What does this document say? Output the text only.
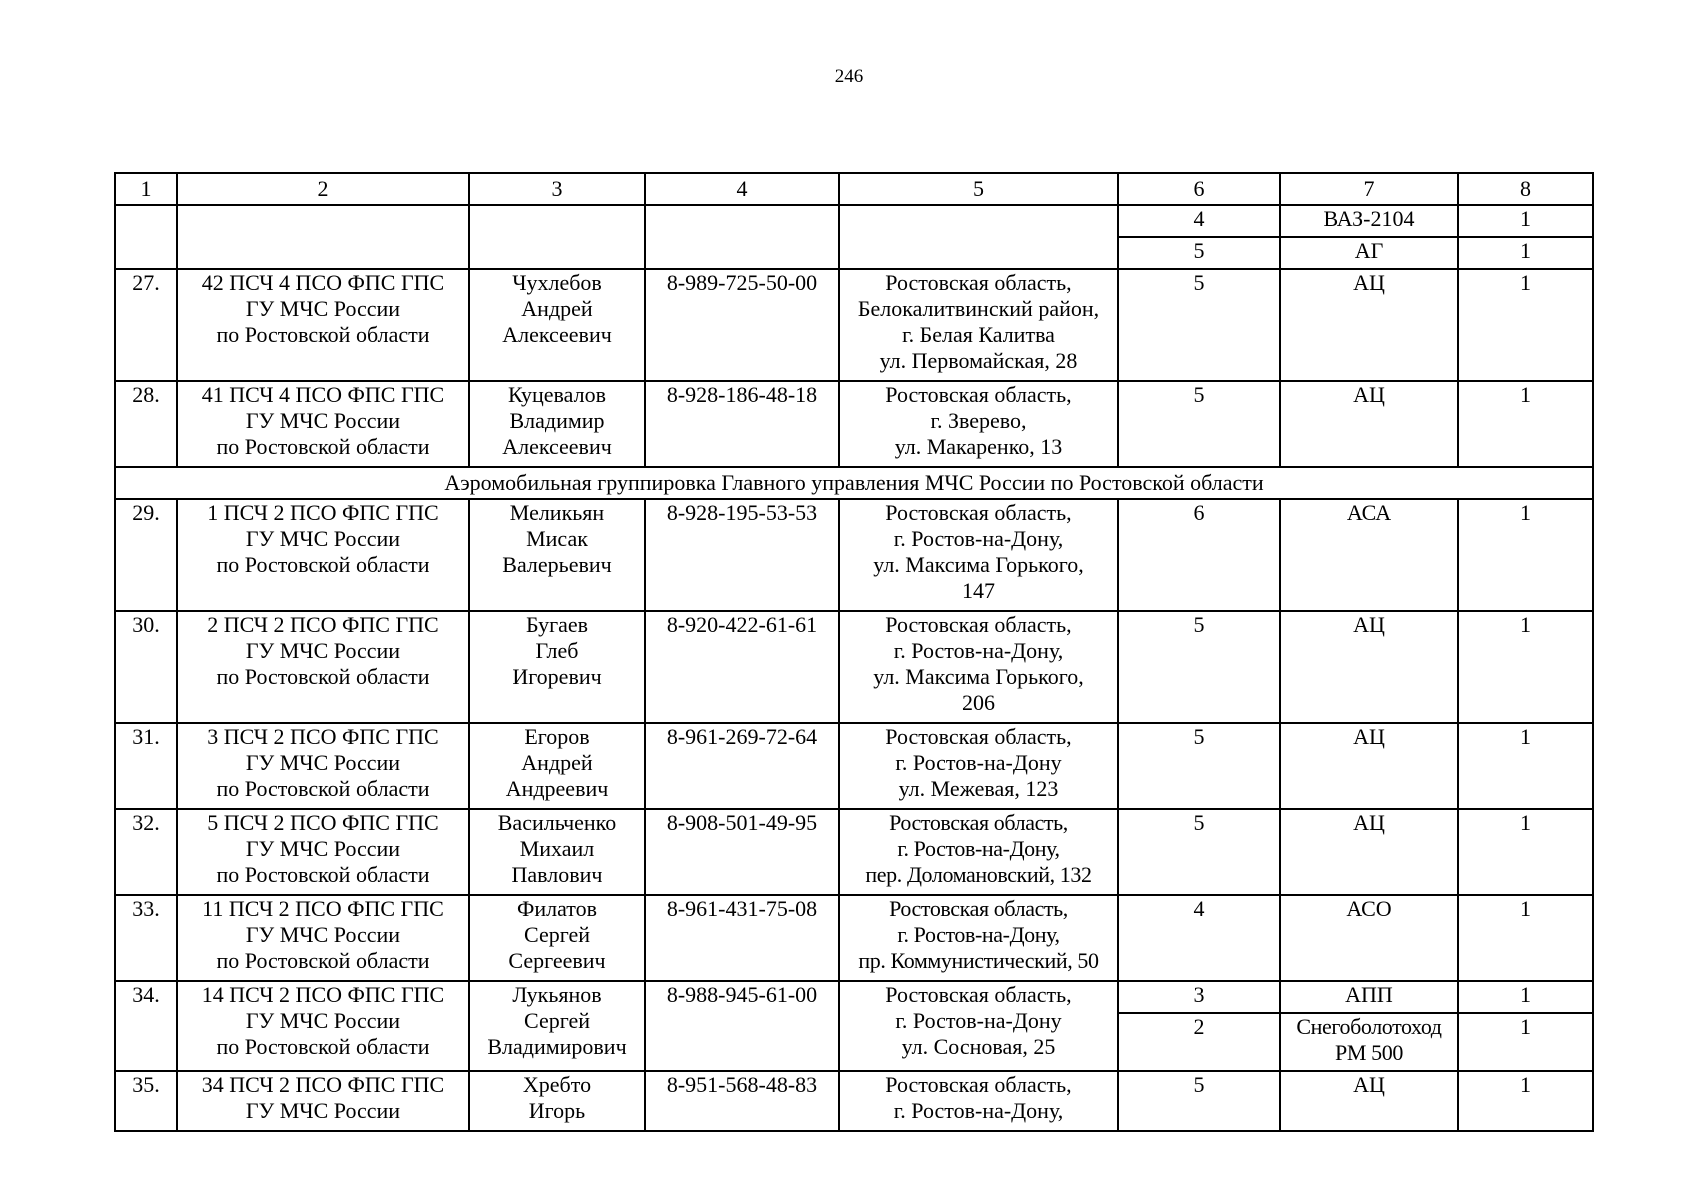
246
1	2	3	4	5	6	7	8
					4	ВАЗ-2104	1
					5	АГ	1
27.	42 ПСЧ 4 ПСО ФПС ГПС
ГУ МЧС России
по Ростовской области	Чухлебов
Андрей
Алексеевич	8-989-725-50-00	Ростовская область,
Белокалитвинский район,
г. Белая Калитва
ул. Первомайская, 28	5	АЦ	1
28.	41 ПСЧ 4 ПСО ФПС ГПС
ГУ МЧС России
по Ростовской области	Куцевалов
Владимир
Алексеевич	8-928-186-48-18	Ростовская область,
г. Зверево,
ул. Макаренко, 13	5	АЦ	1
Аэромобильная группировка Главного управления МЧС России по Ростовской области							
29.	1 ПСЧ 2 ПСО ФПС ГПС
ГУ МЧС России
по Ростовской области	Меликьян
Мисак
Валерьевич	8-928-195-53-53	Ростовская область,
г. Ростов-на-Дону,
ул. Максима Горького,
147	6	АСА	1
30.	2 ПСЧ 2 ПСО ФПС ГПС
ГУ МЧС России
по Ростовской области	Бугаев
Глеб
Игоревич	8-920-422-61-61	Ростовская область,
г. Ростов-на-Дону,
ул. Максима Горького,
206	5	АЦ	1
31.	3 ПСЧ 2 ПСО ФПС ГПС
ГУ МЧС России
по Ростовской области	Егоров
Андрей
Андреевич	8-961-269-72-64	Ростовская область,
г. Ростов-на-Дону
ул. Межевая, 123	5	АЦ	1
32.	5 ПСЧ 2 ПСО ФПС ГПС
ГУ МЧС России
по Ростовской области	Васильченко
Михаил
Павлович	8-908-501-49-95	Ростовская область,
г. Ростов-на-Дону,
пер. Доломановский, 132	5	АЦ	1
33.	11 ПСЧ 2 ПСО ФПС ГПС
ГУ МЧС России
по Ростовской области	Филатов
Сергей
Сергеевич	8-961-431-75-08	Ростовская область,
г. Ростов-на-Дону,
пр. Коммунистический, 50	4	АСО	1
34.	14 ПСЧ 2 ПСО ФПС ГПС
ГУ МЧС России
по Ростовской области	Лукьянов
Сергей
Владимирович	8-988-945-61-00	Ростовская область,
г. Ростов-на-Дону
ул. Сосновая, 25	3	АПП	1
					2	Снегоболотоход
РМ 500	1
35.	34 ПСЧ 2 ПСО ФПС ГПС
ГУ МЧС России	Хребто
Игорь	8-951-568-48-83	Ростовская область,
г. Ростов-на-Дону,	5	АЦ	1
